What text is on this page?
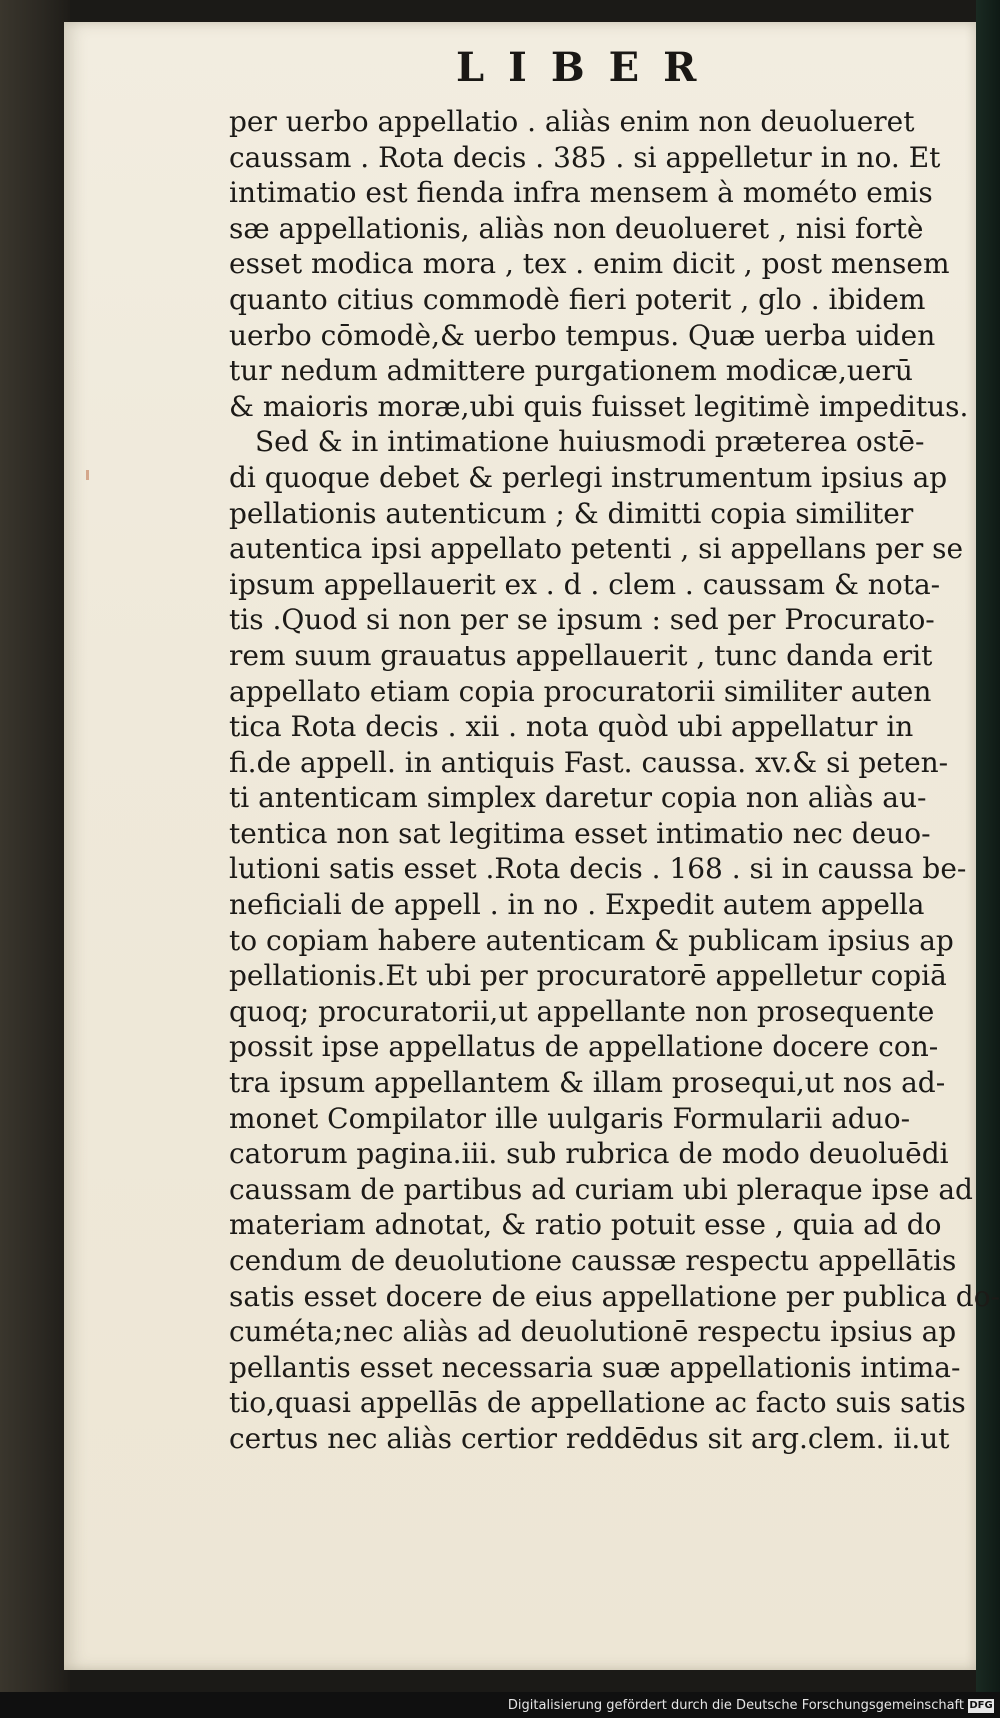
LIBER
per uerbo appellatio . aliàs enim non deuolueret
caussam . Rota decis . 385 . si appelletur in no. Et
intimatio est fienda infra mensem à mométo emis
sæ appellationis, aliàs non deuolueret , nisi fortè
esset modica mora , tex . enim dicit , post mensem
quanto citius commodè fieri poterit , glo . ibidem
uerbo cōmodè,& uerbo tempus. Quæ uerba uiden
tur nedum admittere purgationem modicæ,uerū
& maioris moræ,ubi quis fuisset legitimè impeditus.
Sed & in intimatione huiusmodi præterea ostē-
di quoque debet & perlegi instrumentum ipsius ap
pellationis autenticum ; & dimitti copia similiter
autentica ipsi appellato petenti , si appellans per se
ipsum appellauerit ex . d . clem . caussam & nota-
tis .Quod si non per se ipsum : sed per Procurato-
rem suum grauatus appellauerit , tunc danda erit
appellato etiam copia procuratorii similiter auten
tica Rota decis . xii . nota quòd ubi appellatur in
fi.de appell. in antiquis Fast. caussa. xv.& si peten-
ti antenticam simplex daretur copia non aliàs au-
tentica non sat legitima esset intimatio nec deuo-
lutioni satis esset .Rota decis . 168 . si in caussa be-
neficiali de appell . in no . Expedit autem appella
to copiam habere autenticam & publicam ipsius ap
pellationis.Et ubi per procuratorē appelletur copiā
quoq; procuratorii,ut appellante non prosequente
possit ipse appellatus de appellatione docere con-
tra ipsum appellantem & illam prosequi,ut nos ad-
monet Compilator ille uulgaris Formularii aduo-
catorum pagina.iii. sub rubrica de modo deuoluēdi
caussam de partibus ad curiam ubi pleraque ipse ad
materiam adnotat, & ratio potuit esse , quia ad do
cendum de deuolutione caussæ respectu appellātis
satis esset docere de eius appellatione per publica do-
cuméta;nec aliàs ad deuolutionē respectu ipsius ap
pellantis esset necessaria suæ appellationis intima-
tio,quasi appellās de appellatione ac facto suis satis
certus nec aliàs certior reddēdus sit arg.clem. ii.ut
Digitalisierung gefördert durch die Deutsche Forschungsgemeinschaft DFG
